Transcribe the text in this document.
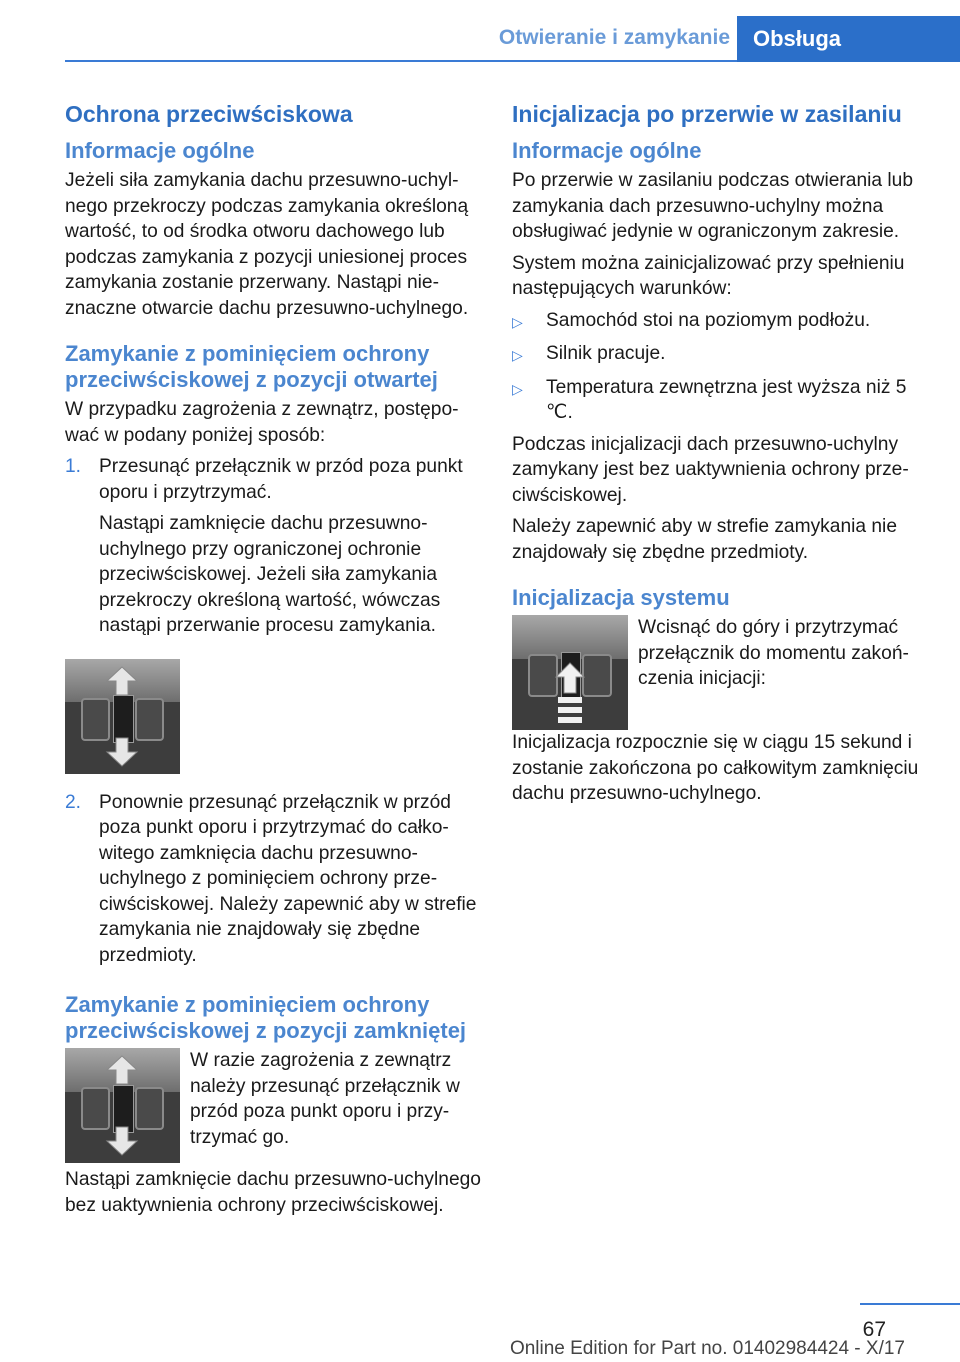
Otwieranie i zamykanie	Obsługa
Ochrona przeciwściskowa
Informacje ogólne

Jeżeli siła zamykania dachu przesuwno-uchylnego przekroczy podczas zamykania określoną wartość, to od środka otworu dachowego lub podczas zamykania z pozycji uniesionej proces zamykania zostanie przerwany. Nastąpi nieznaczne otwarcie dachu przesuwno-uchylnego.

Zamykanie z pominięciem ochrony przeciwściskowej z pozycji otwartej

W przypadku zagrożenia z zewnątrz, postępować w podany poniżej sposób:

1. Przesunąć przełącznik w przód poza punkt oporu i przytrzymać.

Nastąpi zamknięcie dachu przesuwno-uchylnego przy ograniczonej ochronie przeciwściskowej. Jeżeli siła zamykania przekroczy określoną wartość, wówczas nastąpi przerwanie procesu zamykania.

2. Ponownie przesunąć przełącznik w przód poza punkt oporu i przytrzymać do całkowitego zamknięcia dachu przesuwno-uchylnego z pominięciem ochrony przeciwściskowej. Należy zapewnić aby w strefie zamykania nie znajdowały się zbędne przedmioty.

Zamykanie z pominięciem ochrony przeciwściskowej z pozycji zamkniętej

W razie zagrożenia z zewnątrz należy przesunąć przełącznik w przód poza punkt oporu i przytrzymać go.

Nastąpi zamknięcie dachu przesuwno-uchylnego bez uaktywnienia ochrony przeciwściskowej.

Inicjalizacja po przerwie w zasilaniu
Informacje ogólne

Po przerwie w zasilaniu podczas otwierania lub zamykania dach przesuwno-uchylny można obsługiwać jedynie w ograniczonym zakresie.

System można zainicjalizować przy spełnieniu następujących warunków:

▷	Samochód stoi na poziomym podłożu.
▷	Silnik pracuje.
▷	Temperatura zewnętrzna jest wyższa niż 5 ℃.

Podczas inicjalizacji dach przesuwno-uchylny zamykany jest bez uaktywnienia ochrony przeciwściskowej.

Należy zapewnić aby w strefie zamykania nie znajdowały się zbędne przedmioty.

Inicjalizacja systemu

Wcisnąć do góry i przytrzymać przełącznik do momentu zakończenia inicjacji:

Inicjalizacja rozpocznie się w ciągu 15 sekund i zostanie zakończona po całkowitym zamknięciu dachu przesuwno-uchylnego.

67
Online Edition for Part no. 01402984424 - X/17
